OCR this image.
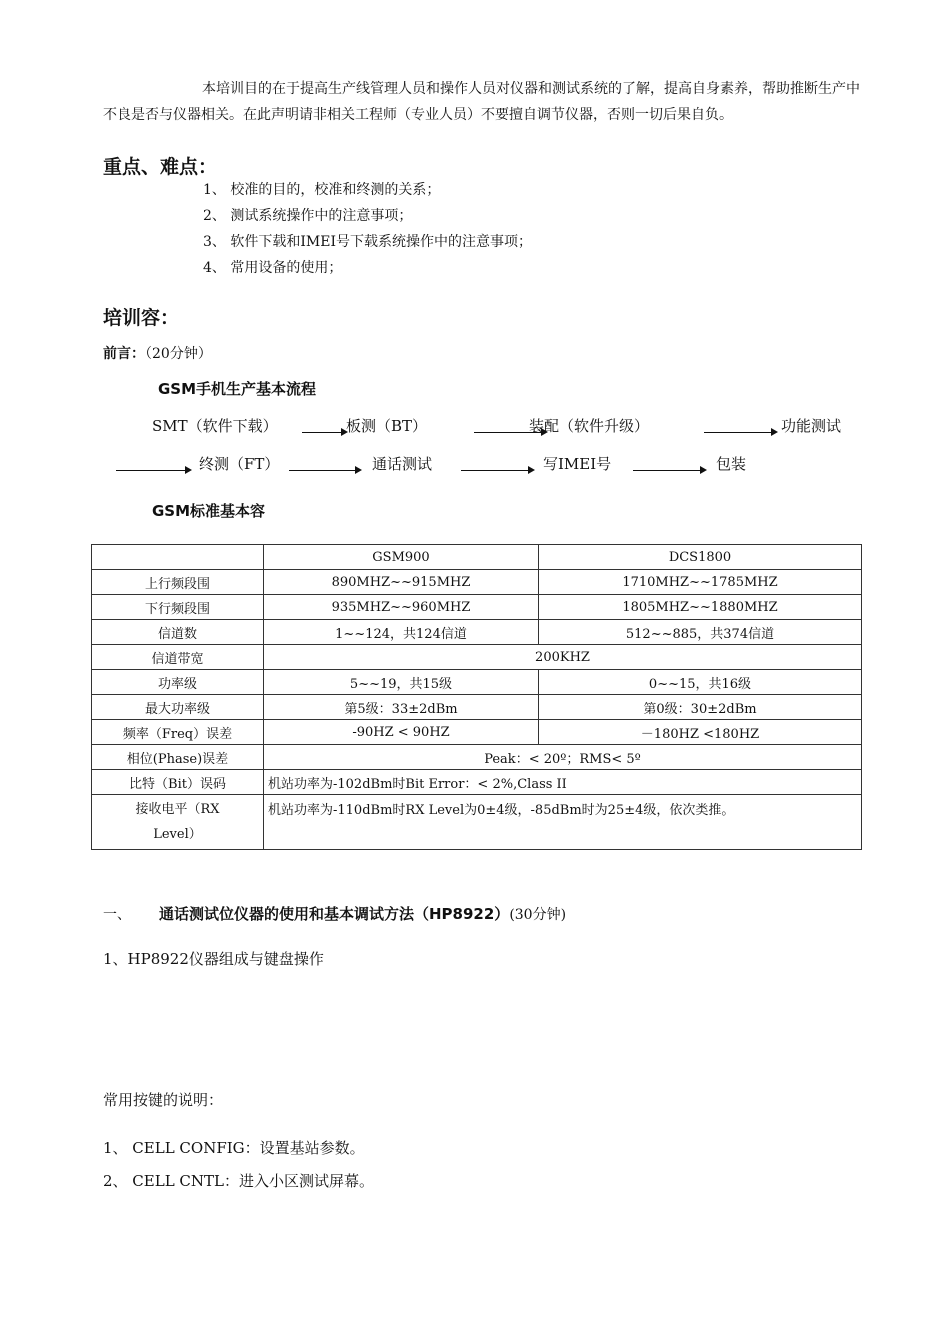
本培训目的在于提高生产线管理人员和操作人员对仪器和测试系统的了解，提高自身素养，帮助推断生产中不良是否与仪器相关。在此声明请非相关工程师（专业人员）不要擅自调节仪器，否则一切后果自负。
重点、难点：
1、 校准的目的，校准和终测的关系；
2、 测试系统操作中的注意事项；
3、 软件下载和IMEI号下载系统操作中的注意事项；
4、 常用设备的使用；
培训容：
前言：（20分钟）
GSM手机生产基本流程
SMT（软件下载）	板测（BT）	装配（软件升级）	功能测试
终测（FT）	通话测试	写IMEI号	包装
GSM标准基本容
	GSM900	DCS1800
上行频段围	890MHZ~~915MHZ	1710MHZ~~1785MHZ
下行频段围	935MHZ~~960MHZ	1805MHZ~~1880MHZ
信道数	1~~124，共124信道	512~~885，共374信道
信道带宽	200KHZ	
功率级	5~~19，共15级	0~~15，共16级
最大功率级	第5级：33±2dBm	第0级：30±2dBm
频率（Freq）误差	-90HZ < 90HZ	－180HZ <180HZ
相位(Phase)误差	Peak：< 20º；RMS< 5º	
比特（Bit）误码	机站功率为-102dBm时Bit Error：< 2%,Class II	
接收电平（RX Level）	机站功率为-110dBm时RX Level为0±4级，-85dBm时为25±4级，依次类推。	
一、 通话测试位仪器的使用和基本调试方法（HP8922）(30分钟)
1、HP8922仪器组成与键盘操作
常用按键的说明：
1、 CELL CONFIG：设置基站参数。
2、 CELL CNTL：进入小区测试屏幕。
